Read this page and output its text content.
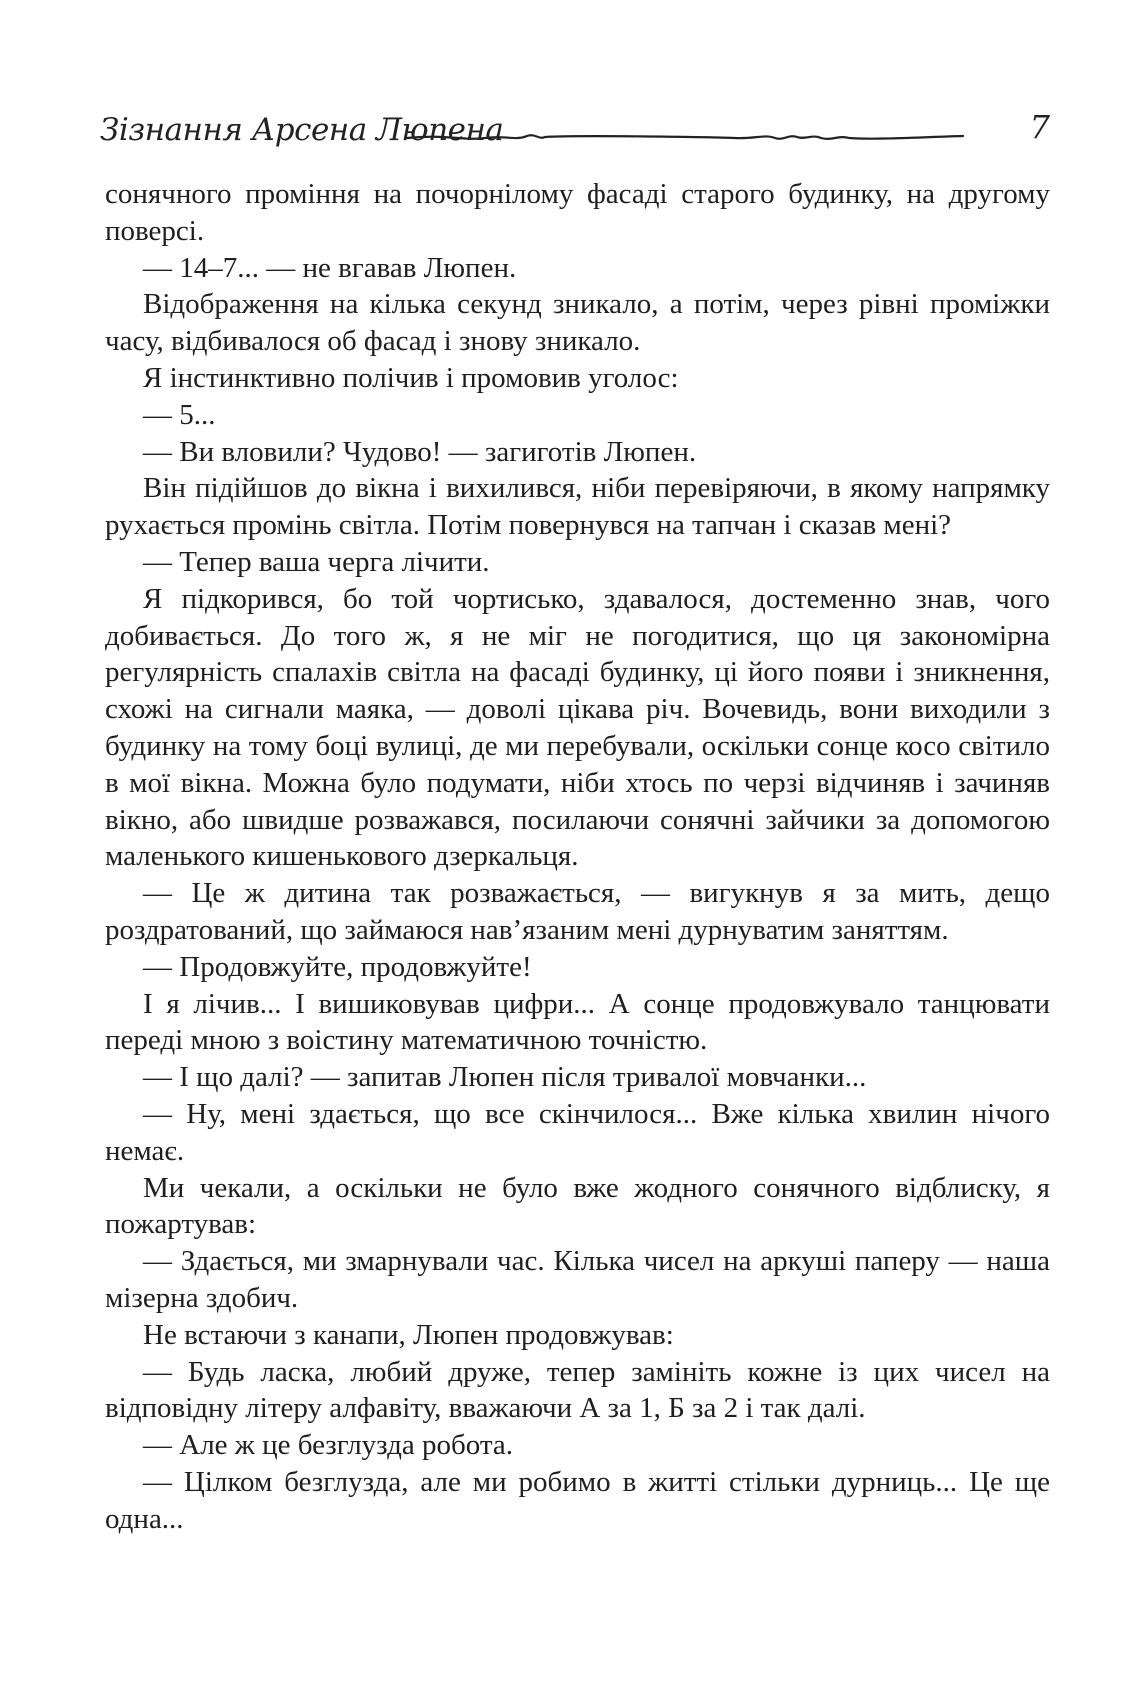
Зізнання Арсена Люпена	7

сонячного проміння на почорнілому фасаді старого будинку, на другому поверсі.

— 14–7... — не вгавав Люпен.

Відображення на кілька секунд зникало, а потім, через рівні проміжки часу, відбивалося об фасад і знову зникало.

Я інстинктивно полічив і промовив уголос:

— 5...

— Ви вловили? Чудово! — загиготів Люпен.

Він підійшов до вікна і вихилився, ніби перевіряючи, в якому напрямку рухається промінь світла. Потім повернувся на тапчан і сказав мені?

— Тепер ваша черга лічити.

Я підкорився, бо той чортисько, здавалося, достеменно знав, чого добивається. До того ж, я не міг не погодитися, що ця закономірна регулярність спалахів світла на фасаді будинку, ці його появи і зникнення, схожі на сигнали маяка, — доволі цікава річ. Вочевидь, вони виходили з будинку на тому боці вулиці, де ми перебували, оскільки сонце косо світило в мої вікна. Можна було подумати, ніби хтось по черзі відчиняв і зачиняв вікно, або швидше розважався, посилаючи сонячні зайчики за допомогою маленького кишенькового дзеркальця.

— Це ж дитина так розважається, — вигукнув я за мить, дещо роздратований, що займаюся нав’язаним мені дурнуватим заняттям.

— Продовжуйте, продовжуйте!

І я лічив... І вишиковував цифри... А сонце продовжувало танцювати переді мною з воістину математичною точністю.

— І що далі? — запитав Люпен після тривалої мовчанки...

— Ну, мені здається, що все скінчилося... Вже кілька хвилин нічого немає.

Ми чекали, а оскільки не було вже жодного сонячного відблиску, я пожартував:

— Здається, ми змарнували час. Кілька чисел на аркуші паперу — наша мізерна здобич.

Не встаючи з канапи, Люпен продовжував:

— Будь ласка, любий друже, тепер замініть кожне із цих чисел на відповідну літеру алфавіту, вважаючи А за 1, Б за 2 і так далі.

— Але ж це безглузда робота.

— Цілком безглузда, але ми робимо в житті стільки дурниць... Це ще одна...
